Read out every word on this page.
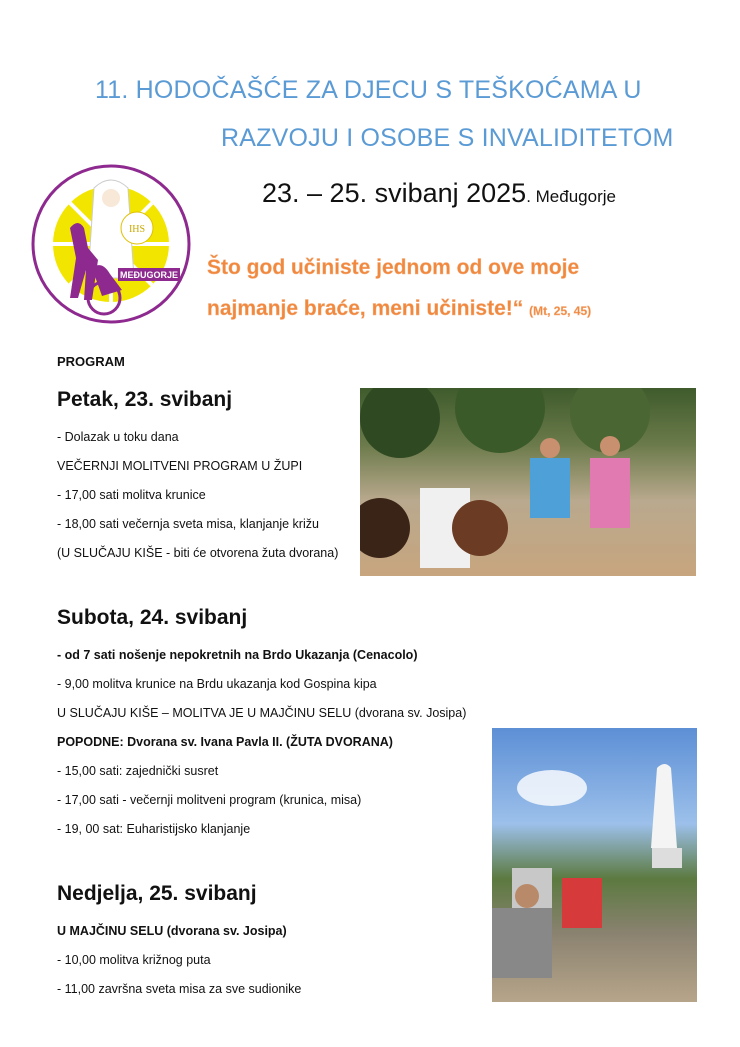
11. HODOČAŠĆE ZA DJECU S TEŠKOĆAMA U
RAZVOJU I OSOBE S INVALIDITETOM
IHS
MEĐUGORJE
23. – 25. svibanj 2025. Međugorje
Što god učiniste jednom od ove moje
najmanje braće, meni učiniste!“ (Mt, 25, 45)
PROGRAM
Petak, 23. svibanj
- Dolazak u toku dana
VEČERNJI MOLITVENI PROGRAM U ŽUPI
- 17,00 sati molitva krunice
- 18,00 sati večernja sveta misa, klanjanje križu
(U SLUČAJU KIŠE - biti će otvorena žuta dvorana)
Subota, 24. svibanj
- od 7 sati nošenje nepokretnih na Brdo Ukazanja (Cenacolo)
- 9,00 molitva krunice na Brdu ukazanja kod Gospina kipa
U SLUČAJU KIŠE – MOLITVA JE U MAJČINU SELU (dvorana sv. Josipa)
POPODNE: Dvorana sv. Ivana Pavla II. (ŽUTA DVORANA)
- 15,00 sati: zajednički susret
- 17,00 sati - večernji molitveni program (krunica, misa)
- 19, 00 sat: Euharistijsko klanjanje
Nedjelja, 25. svibanj
U MAJČINU SELU (dvorana sv. Josipa)
- 10,00 molitva križnog puta
- 11,00 završna sveta misa za sve sudionike
